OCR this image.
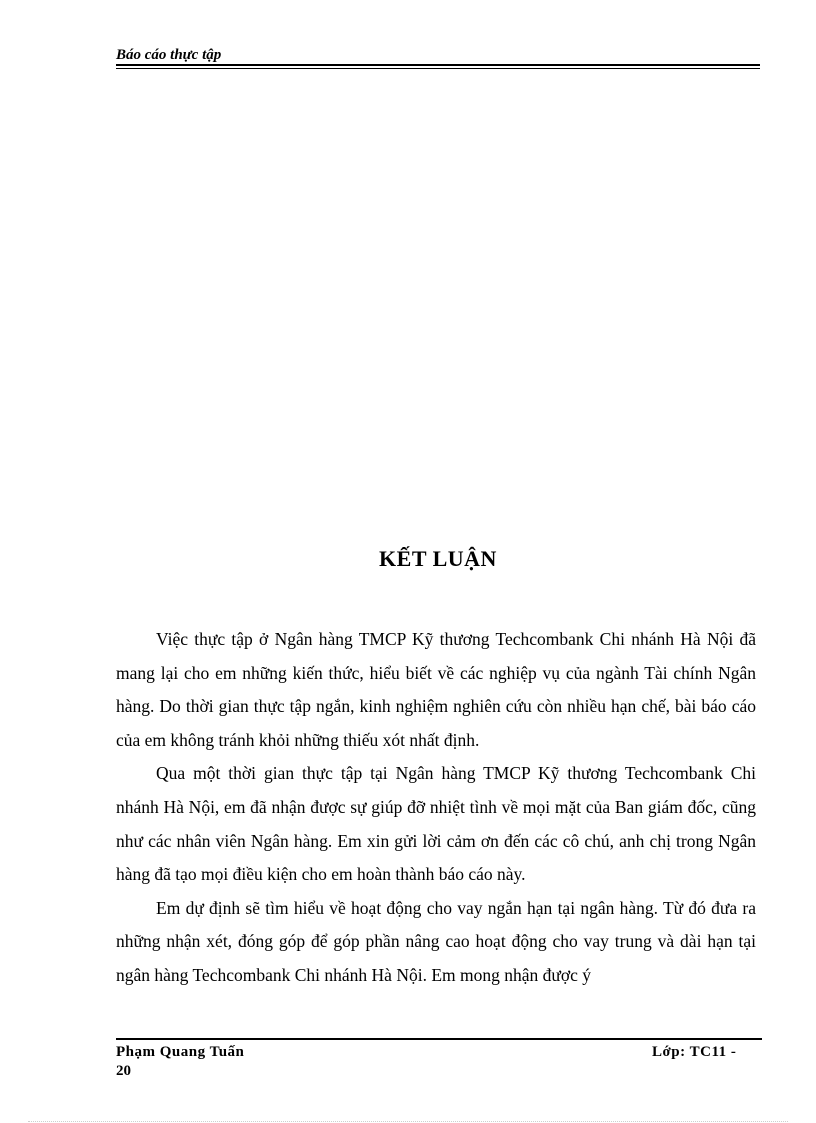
Báo cáo thực tập
KẾT LUẬN

Việc thực tập ở Ngân hàng TMCP Kỹ thương Techcombank Chi nhánh Hà Nội đã mang lại cho em những kiến thức, hiểu biết về các nghiệp vụ của ngành Tài chính Ngân hàng. Do thời gian thực tập ngắn, kinh nghiệm nghiên cứu còn nhiều hạn chế, bài báo cáo của em không tránh khỏi những thiếu xót nhất định.

Qua một thời gian thực tập tại Ngân hàng TMCP Kỹ thương Techcombank Chi nhánh Hà Nội, em đã nhận được sự giúp đỡ nhiệt tình về mọi mặt của Ban giám đốc, cũng như các nhân viên Ngân hàng. Em xin gửi lời cảm ơn đến các cô chú, anh chị trong Ngân hàng đã tạo mọi điều kiện cho em hoàn thành báo cáo này.

Em dự định sẽ tìm hiểu về hoạt động cho vay ngắn hạn tại ngân hàng. Từ đó đưa ra những nhận xét, đóng góp để góp phần nâng cao hoạt động cho vay trung và dài hạn tại ngân hàng Techcombank Chi nhánh Hà Nội. Em mong nhận được ý

Phạm Quang Tuấn	Lớp: TC11 -
20
